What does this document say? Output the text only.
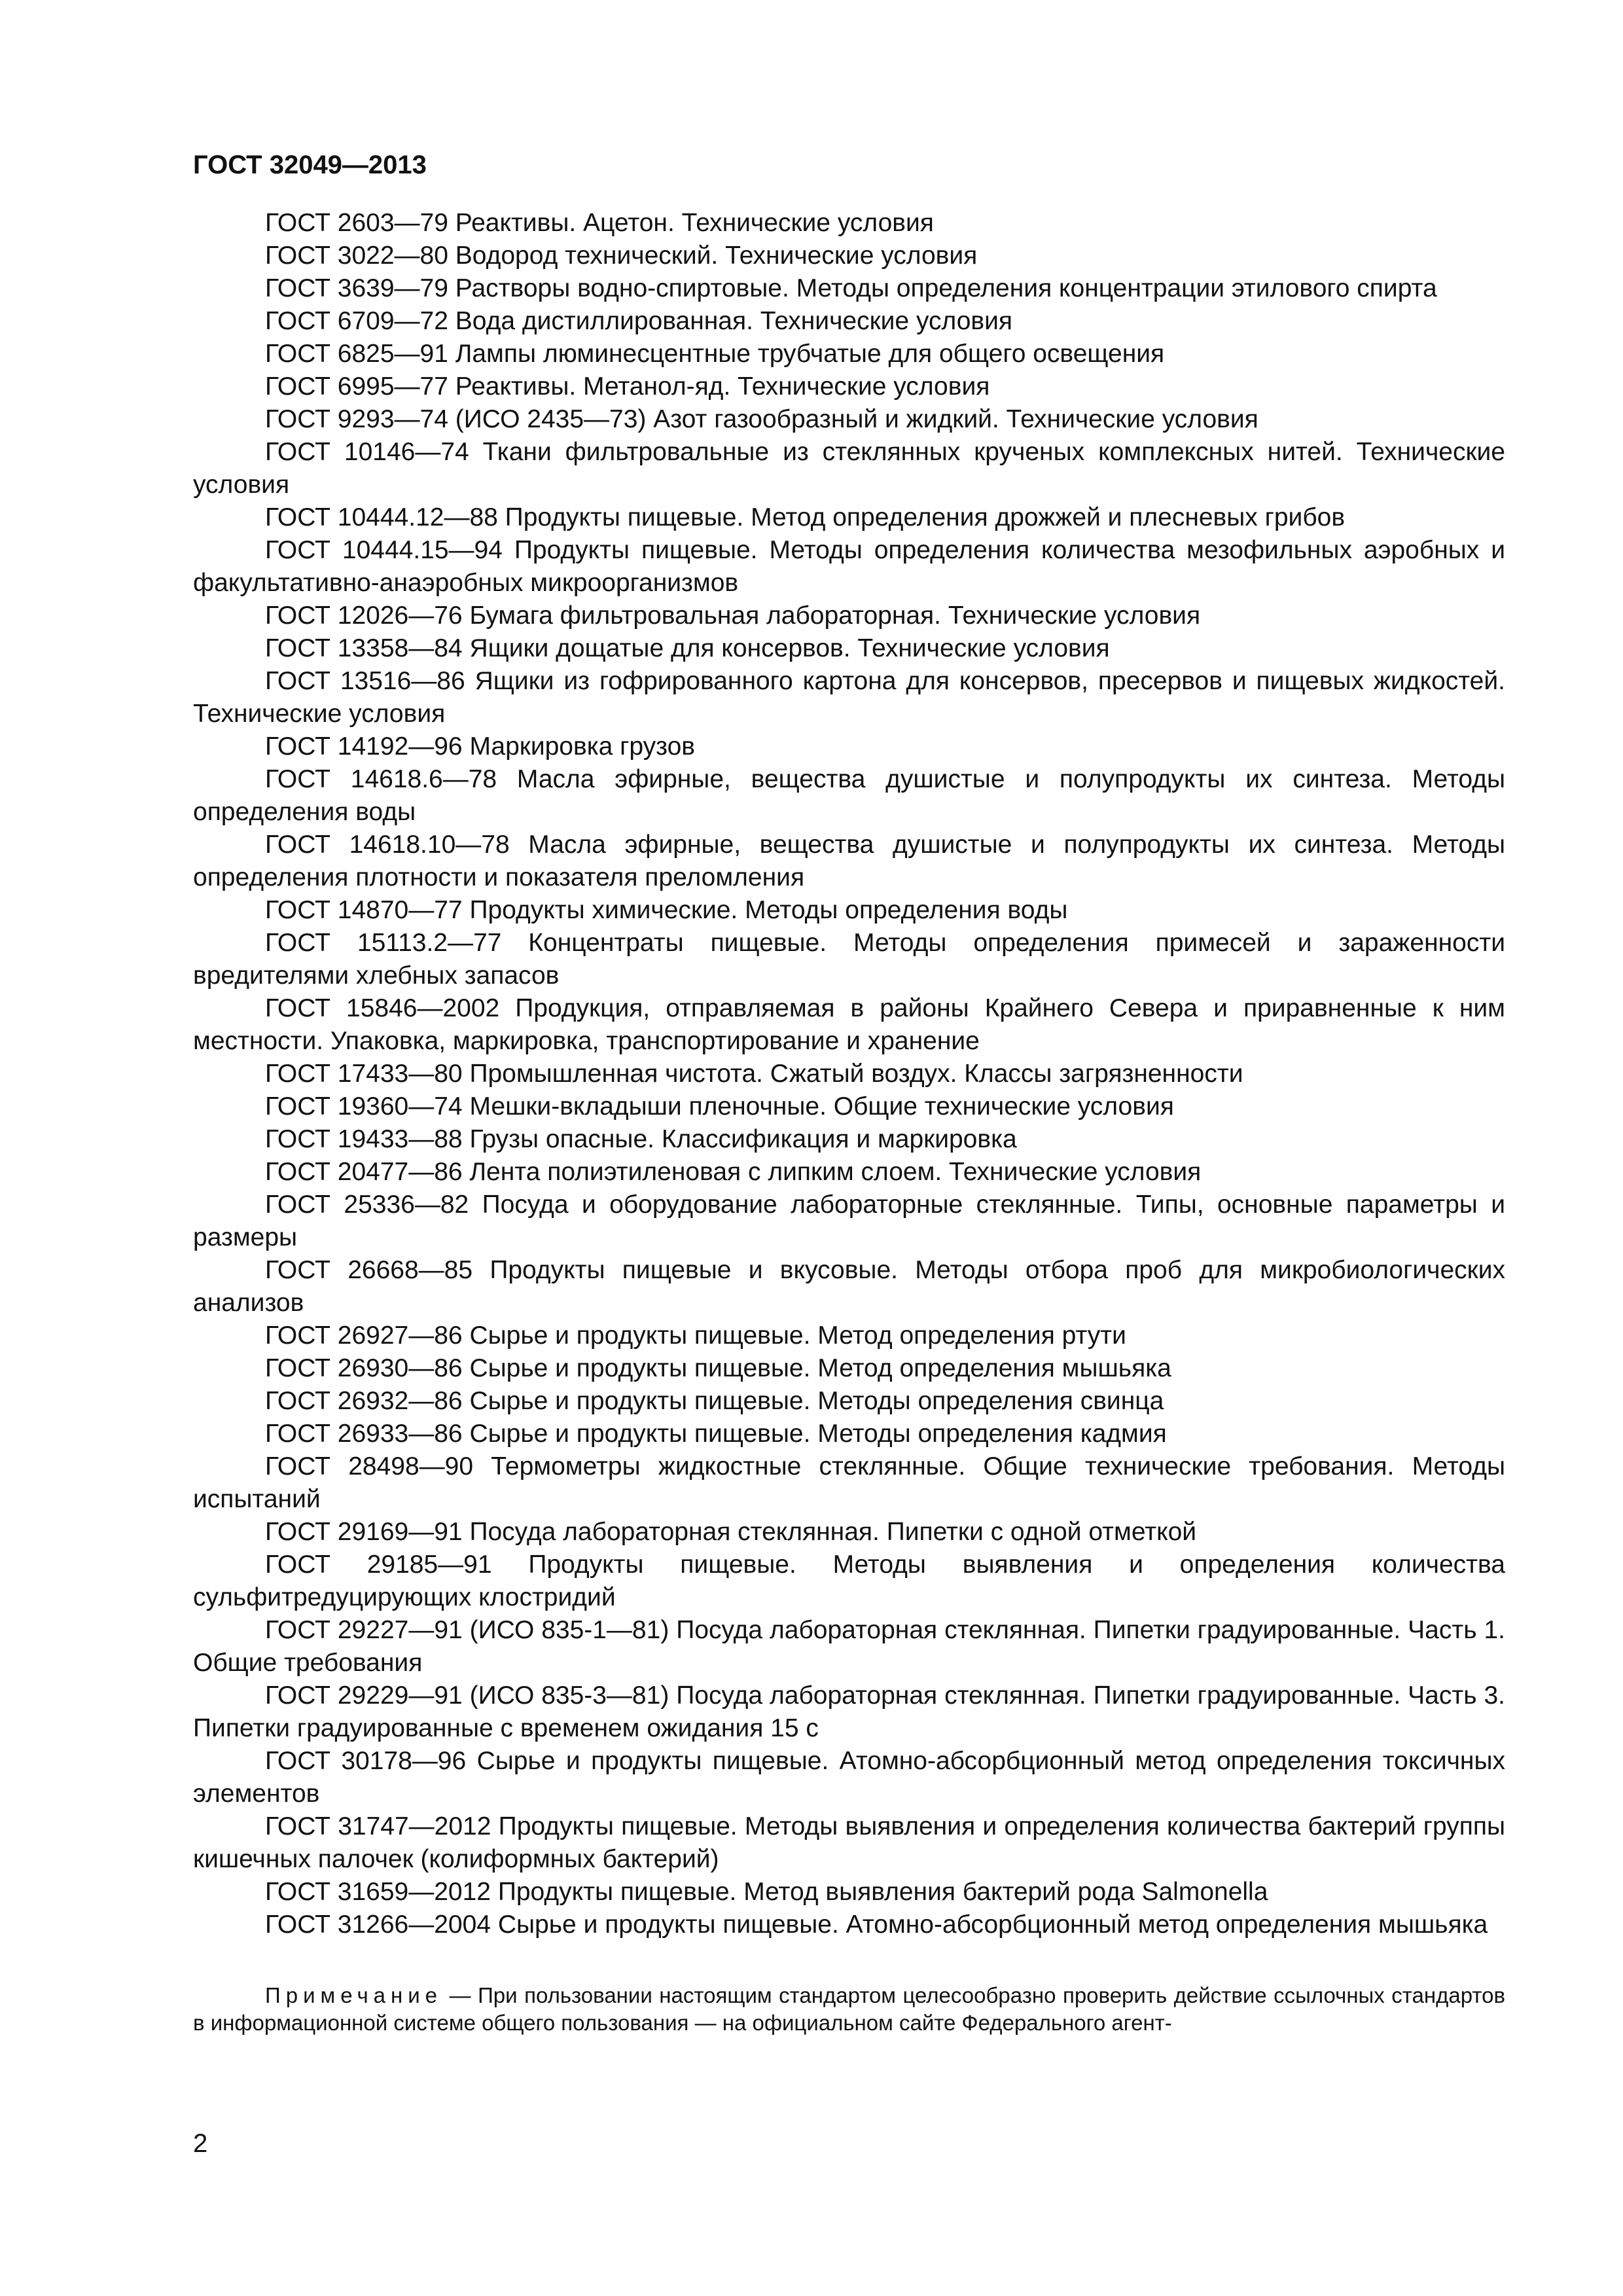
ГОСТ 32049—2013

ГОСТ 2603—79 Реактивы. Ацетон. Технические условия

ГОСТ 3022—80 Водород технический. Технические условия

ГОСТ 3639—79 Растворы водно-спиртовые. Методы определения концентрации этилового спирта

ГОСТ 6709—72 Вода дистиллированная. Технические условия

ГОСТ 6825—91 Лампы люминесцентные трубчатые для общего освещения

ГОСТ 6995—77 Реактивы. Метанол-яд. Технические условия

ГОСТ 9293—74 (ИСО 2435—73) Азот газообразный и жидкий. Технические условия

ГОСТ 10146—74 Ткани фильтровальные из стеклянных крученых комплексных нитей. Технические условия

ГОСТ 10444.12—88 Продукты пищевые. Метод определения дрожжей и плесневых грибов

ГОСТ 10444.15—94 Продукты пищевые. Методы определения количества мезофильных аэробных и факультативно-анаэробных микроорганизмов

ГОСТ 12026—76 Бумага фильтровальная лабораторная. Технические условия

ГОСТ 13358—84 Ящики дощатые для консервов. Технические условия

ГОСТ 13516—86 Ящики из гофрированного картона для консервов, пресервов и пищевых жидкостей. Технические условия

ГОСТ 14192—96 Маркировка грузов

ГОСТ 14618.6—78 Масла эфирные, вещества душистые и полупродукты их синтеза. Методы определения воды

ГОСТ 14618.10—78 Масла эфирные, вещества душистые и полупродукты их синтеза. Методы определения плотности и показателя преломления

ГОСТ 14870—77 Продукты химические. Методы определения воды

ГОСТ 15113.2—77 Концентраты пищевые. Методы определения примесей и зараженности вредителями хлебных запасов

ГОСТ 15846—2002 Продукция, отправляемая в районы Крайнего Севера и приравненные к ним местности. Упаковка, маркировка, транспортирование и хранение

ГОСТ 17433—80 Промышленная чистота. Сжатый воздух. Классы загрязненности

ГОСТ 19360—74 Мешки-вкладыши пленочные. Общие технические условия

ГОСТ 19433—88 Грузы опасные. Классификация и маркировка

ГОСТ 20477—86 Лента полиэтиленовая с липким слоем. Технические условия

ГОСТ 25336—82 Посуда и оборудование лабораторные стеклянные. Типы, основные параметры и размеры

ГОСТ 26668—85 Продукты пищевые и вкусовые. Методы отбора проб для микробиологических анализов

ГОСТ 26927—86 Сырье и продукты пищевые. Метод определения ртути

ГОСТ 26930—86 Сырье и продукты пищевые. Метод определения мышьяка

ГОСТ 26932—86 Сырье и продукты пищевые. Методы определения свинца

ГОСТ 26933—86 Сырье и продукты пищевые. Методы определения кадмия

ГОСТ 28498—90 Термометры жидкостные стеклянные. Общие технические требования. Методы испытаний

ГОСТ 29169—91 Посуда лабораторная стеклянная. Пипетки с одной отметкой

ГОСТ 29185—91 Продукты пищевые. Методы выявления и определения количества сульфитредуцирующих клостридий

ГОСТ 29227—91 (ИСО 835-1—81) Посуда лабораторная стеклянная. Пипетки градуированные. Часть 1. Общие требования

ГОСТ 29229—91 (ИСО 835-3—81) Посуда лабораторная стеклянная. Пипетки градуированные. Часть 3. Пипетки градуированные с временем ожидания 15 с

ГОСТ 30178—96 Сырье и продукты пищевые. Атомно-абсорбционный метод определения токсичных элементов

ГОСТ 31747—2012 Продукты пищевые. Методы выявления и определения количества бактерий группы кишечных палочек (колиформных бактерий)

ГОСТ 31659—2012 Продукты пищевые. Метод выявления бактерий рода Salmonella

ГОСТ 31266—2004 Сырье и продукты пищевые. Атомно-абсорбционный метод определения мышьяка

Примечание — При пользовании настоящим стандартом целесообразно проверить действие ссылочных стандартов в информационной системе общего пользования — на официальном сайте Федерального агент-

2
